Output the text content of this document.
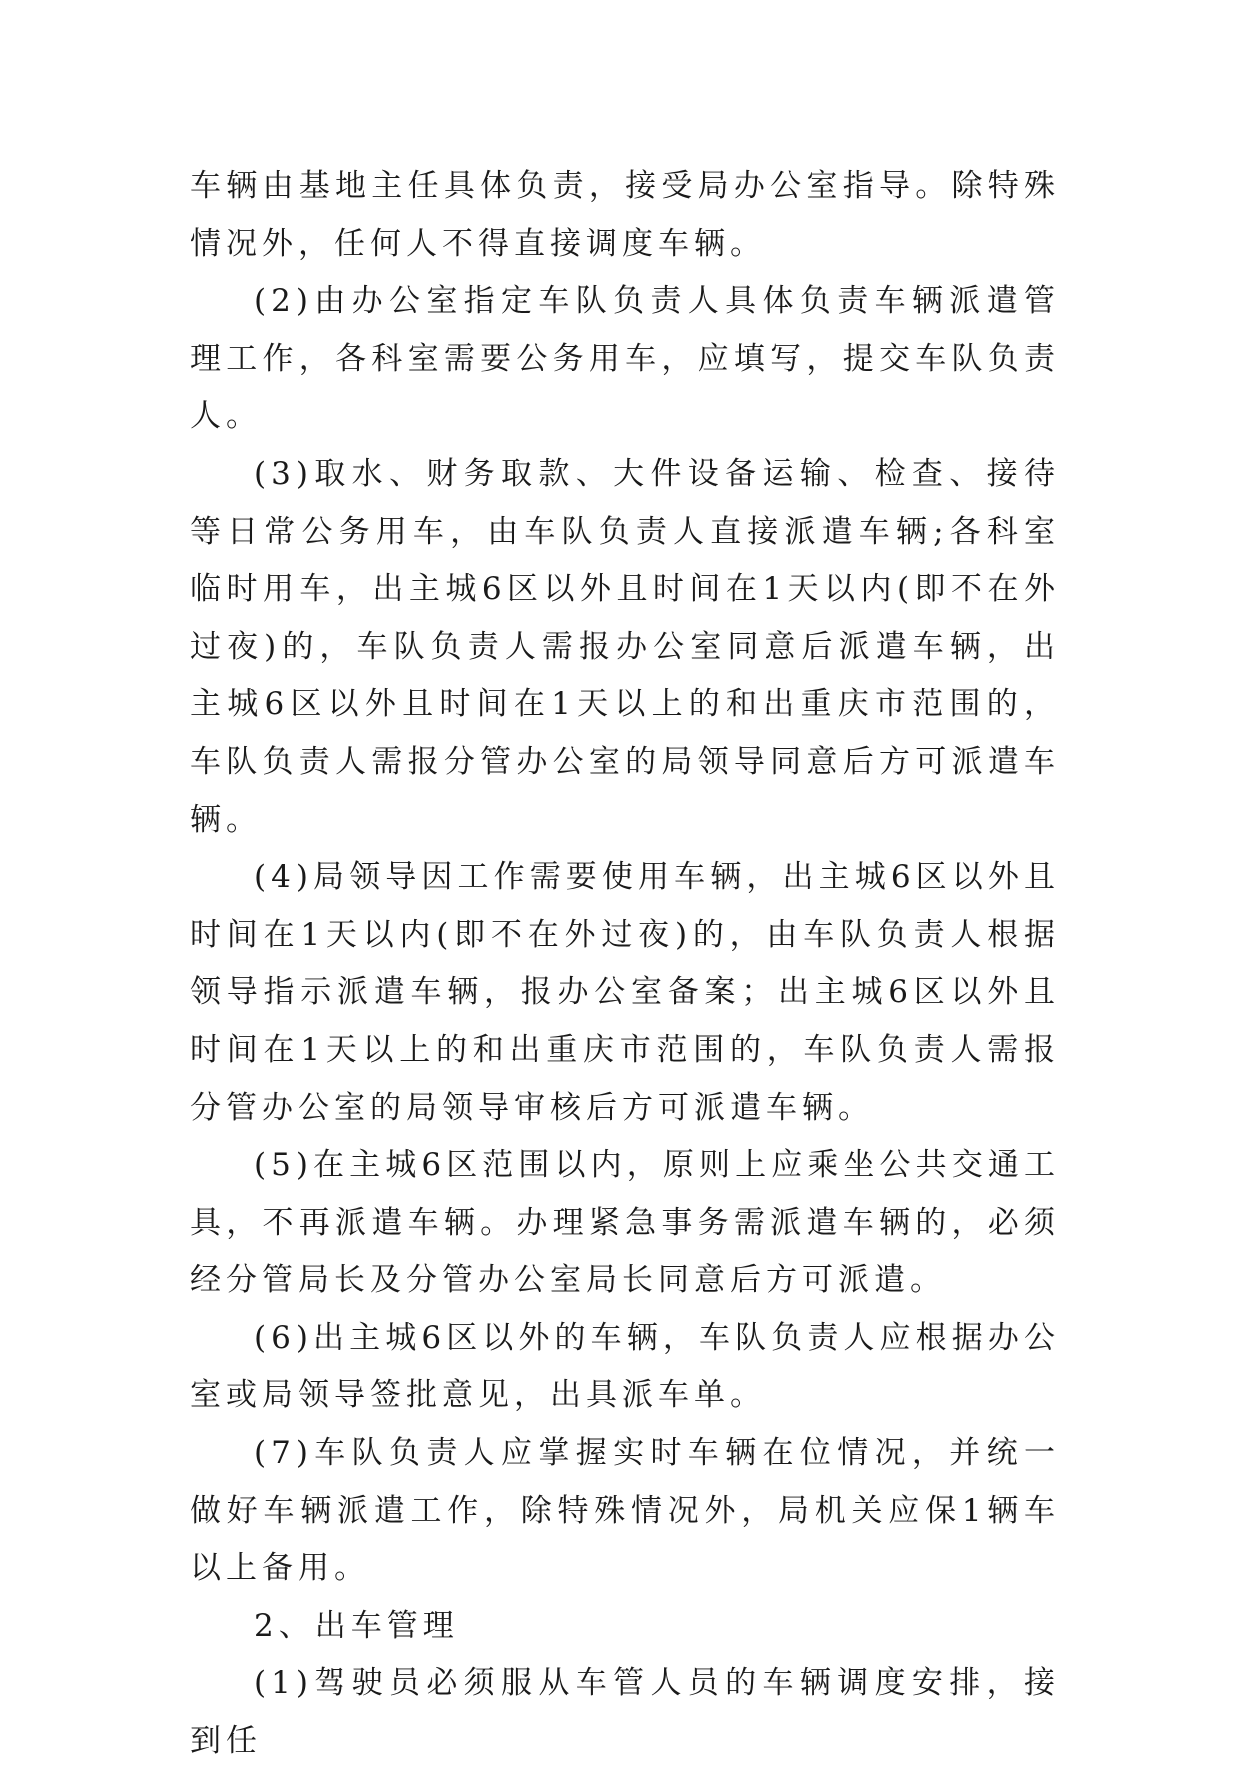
车辆由基地主任具体负责，接受局办公室指导。除特殊情况外，任何人不得直接调度车辆。

(2)由办公室指定车队负责人具体负责车辆派遣管理工作，各科室需要公务用车，应填写，提交车队负责人。

(3)取水、财务取款、大件设备运输、检查、接待等日常公务用车，由车队负责人直接派遣车辆;各科室临时用车，出主城6区以外且时间在1天以内(即不在外过夜)的，车队负责人需报办公室同意后派遣车辆，出主城6区以外且时间在1天以上的和出重庆市范围的，车队负责人需报分管办公室的局领导同意后方可派遣车辆。

(4)局领导因工作需要使用车辆，出主城6区以外且时间在1天以内(即不在外过夜)的，由车队负责人根据领导指示派遣车辆，报办公室备案；出主城6区以外且时间在1天以上的和出重庆市范围的，车队负责人需报分管办公室的局领导审核后方可派遣车辆。

(5)在主城6区范围以内，原则上应乘坐公共交通工具，不再派遣车辆。办理紧急事务需派遣车辆的，必须经分管局长及分管办公室局长同意后方可派遣。

(6)出主城6区以外的车辆，车队负责人应根据办公室或局领导签批意见，出具派车单。

(7)车队负责人应掌握实时车辆在位情况，并统一做好车辆派遣工作，除特殊情况外，局机关应保1辆车以上备用。

2、出车管理

(1)驾驶员必须服从车管人员的车辆调度安排，接到任
